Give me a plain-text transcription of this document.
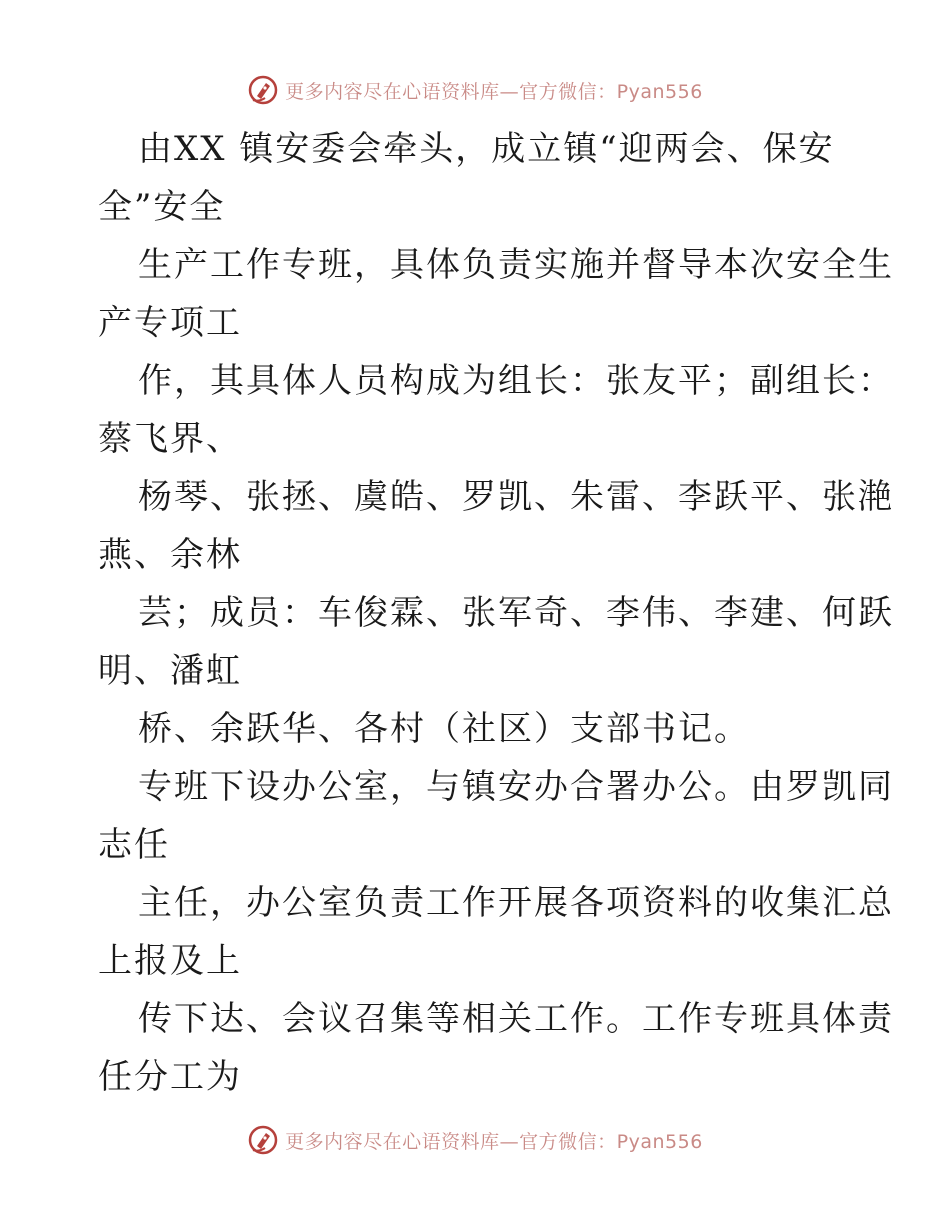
更多内容尽在心语资料库—官方微信：Pyan556
由XX 镇安委会牵头，成立镇“迎两会、保安
全”安全
生产工作专班，具体负责实施并督导本次安全生
产专项工
作，其具体人员构成为组长：张友平；副组长：
蔡飞界、
杨琴、张拯、虞皓、罗凯、朱雷、李跃平、张滟
燕、余林
芸；成员：车俊霖、张军奇、李伟、李建、何跃
明、潘虹
桥、余跃华、各村（社区）支部书记。
专班下设办公室，与镇安办合署办公。由罗凯同
志任
主任，办公室负责工作开展各项资料的收集汇总
上报及上
传下达、会议召集等相关工作。工作专班具体责
任分工为
更多内容尽在心语资料库—官方微信：Pyan556
